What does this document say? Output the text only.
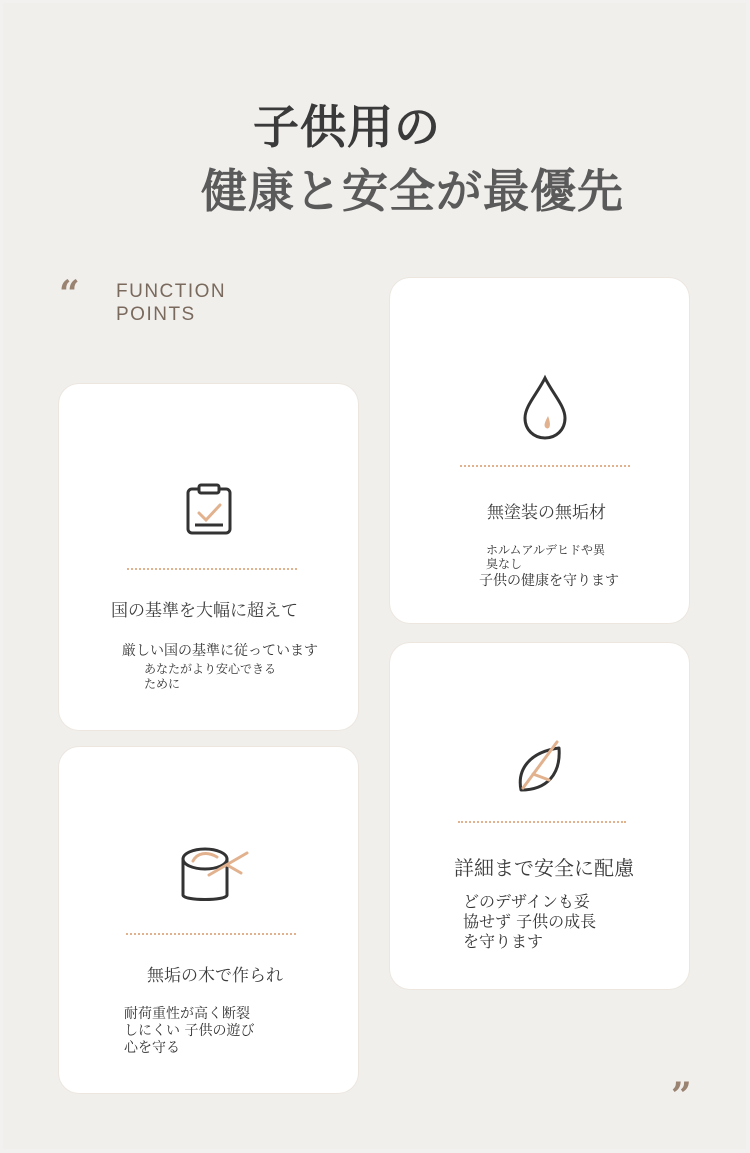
子供用の
健康と安全が最優先
“ FUNCTION
POINTS
無塗装の無垢材
ホルムアルデヒドや異
臭なし
子供の健康を守ります
国の基準を大幅に超えて
厳しい国の基準に従っています
あなたがより安心できる
ために
詳細まで安全に配慮
どのデザインも妥
協せず 子供の成長
を守ります
無垢の木で作られ
耐荷重性が高く断裂
しにくい 子供の遊び
心を守る
”
